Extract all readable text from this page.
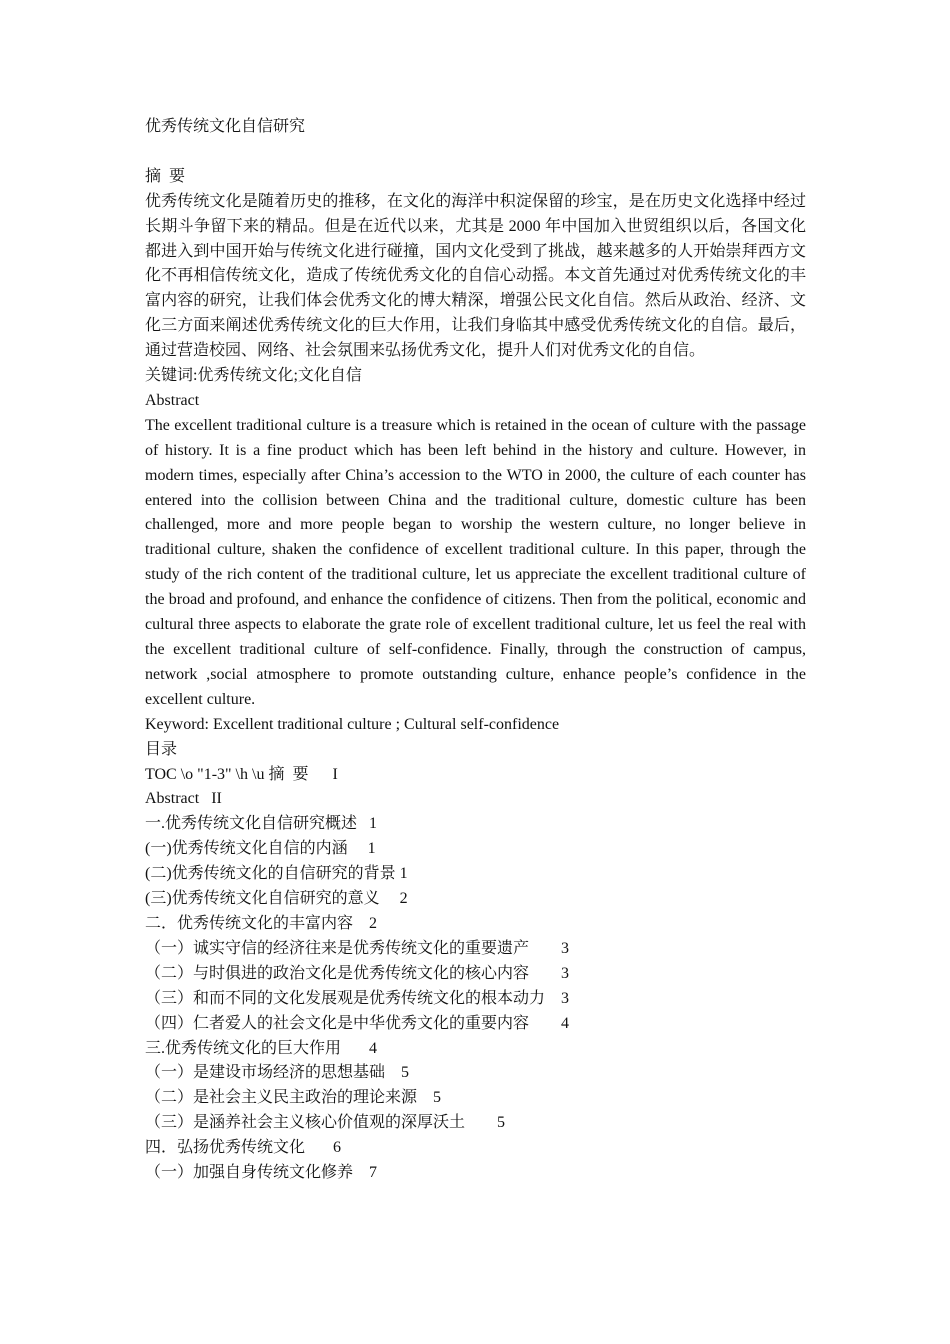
优秀传统文化自信研究

摘  要

优秀传统文化是随着历史的推移，在文化的海洋中积淀保留的珍宝，是在历史文化选择中经过长期斗争留下来的精品。但是在近代以来，尤其是 2000 年中国加入世贸组织以后，各国文化都进入到中国开始与传统文化进行碰撞，国内文化受到了挑战，越来越多的人开始崇拜西方文化不再相信传统文化，造成了传统优秀文化的自信心动摇。本文首先通过对优秀传统文化的丰富内容的研究，让我们体会优秀文化的博大精深，增强公民文化自信。然后从政治、经济、文化三方面来阐述优秀传统文化的巨大作用，让我们身临其中感受优秀传统文化的自信。最后，通过营造校园、网络、社会氛围来弘扬优秀文化，提升人们对优秀文化的自信。

关键词:优秀传统文化;文化自信

Abstract

The excellent traditional culture is a treasure which is retained in the ocean of culture with the passage of history. It is a fine product which has been left behind in the history and culture. However, in modern times, especially after China’s accession to the WTO in 2000, the culture of each counter has entered into the collision between China and the traditional culture, domestic culture has been challenged, more and more people began to worship the western culture, no longer believe in traditional culture, shaken the confidence of excellent traditional culture. In this paper, through the study of the rich content of the traditional culture, let us appreciate the excellent traditional culture of the broad and profound, and enhance the confidence of citizens. Then from the political, economic and cultural three aspects to elaborate the grate role of excellent traditional culture, let us feel the real with the excellent traditional culture of self-confidence. Finally, through the construction of campus, network ,social atmosphere to promote outstanding culture, enhance people’s confidence in the excellent culture.

Keyword: Excellent traditional culture ; Cultural self-confidence

目录

TOC \o "1-3" \h \u 摘  要      I

Abstract   II

一.优秀传统文化自信研究概述   1

(一)优秀传统文化自信的内涵     1

(二)优秀传统文化的自信研究的背景 1

(三)优秀传统文化自信研究的意义     2

二．优秀传统文化的丰富内容    2

（一）诚实守信的经济往来是优秀传统文化的重要遗产        3

（二）与时俱进的政治文化是优秀传统文化的核心内容        3

（三）和而不同的文化发展观是优秀传统文化的根本动力    3

（四）仁者爱人的社会文化是中华优秀文化的重要内容        4

三.优秀传统文化的巨大作用       4

（一）是建设市场经济的思想基础    5

（二）是社会主义民主政治的理论来源    5

（三）是涵养社会主义核心价值观的深厚沃土        5

四．弘扬优秀传统文化       6

（一）加强自身传统文化修养    7
